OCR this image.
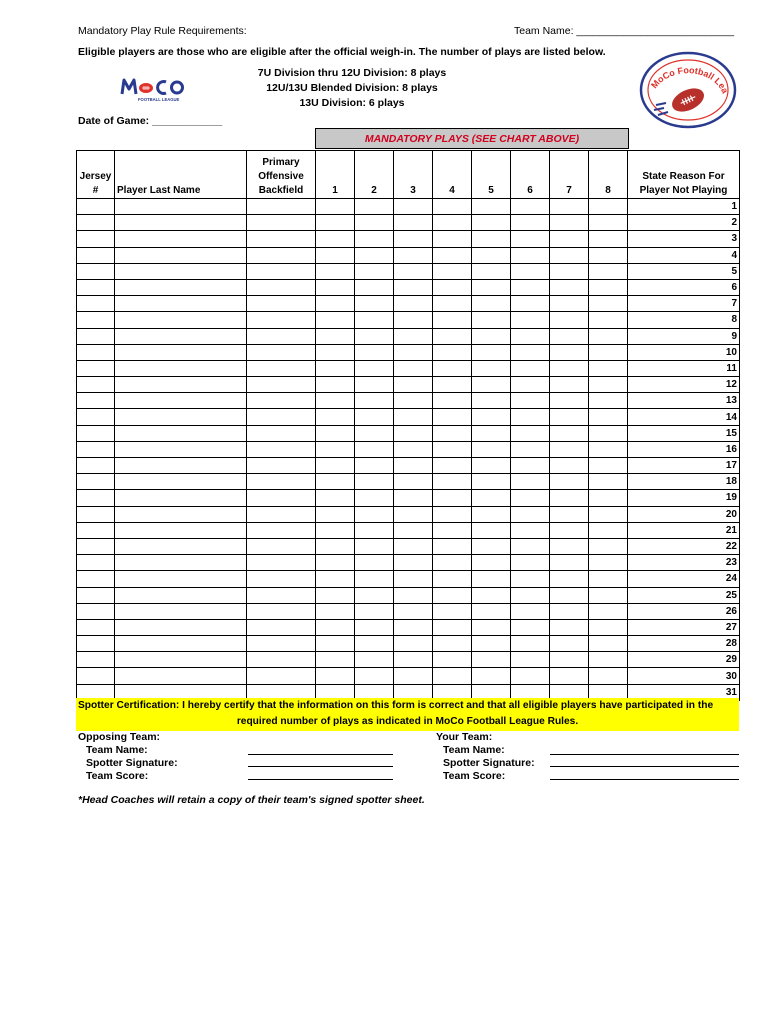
Mandatory Play Rule Requirements:	Team Name: ___________________________
Eligible players are those who are eligible after the official weigh-in. The number of plays are listed below.
7U Division thru 12U Division: 8 plays
12U/13U Blended Division: 8 plays
13U Division: 6 plays
FOOTBALL LEAGUE
MoCo Football Lea
Date of Game: ____________
MANDATORY PLAYS (SEE CHART ABOVE)
Jersey
#	Player Last Name	Primary
Offensive
Backfield	1	2	3	4	5	6	7	8	State Reason For
Player Not Playing
											1
											2
											3
											4
											5
											6
											7
											8
											9
											10
											11
											12
											13
											14
											15
											16
											17
											18
											19
											20
											21
											22
											23
											24
											25
											26
											27
											28
											29
											30
											31
Spotter Certification: I hereby certify that the information on this form is correct and that all eligible players have participated in the
required number of plays as indicated in MoCo Football League Rules.
Opposing Team:
Team Name:
Spotter Signature:
Team Score:
Your Team:
Team Name:
Spotter Signature:
Team Score:
*Head Coaches will retain a copy of their team's signed spotter sheet.
